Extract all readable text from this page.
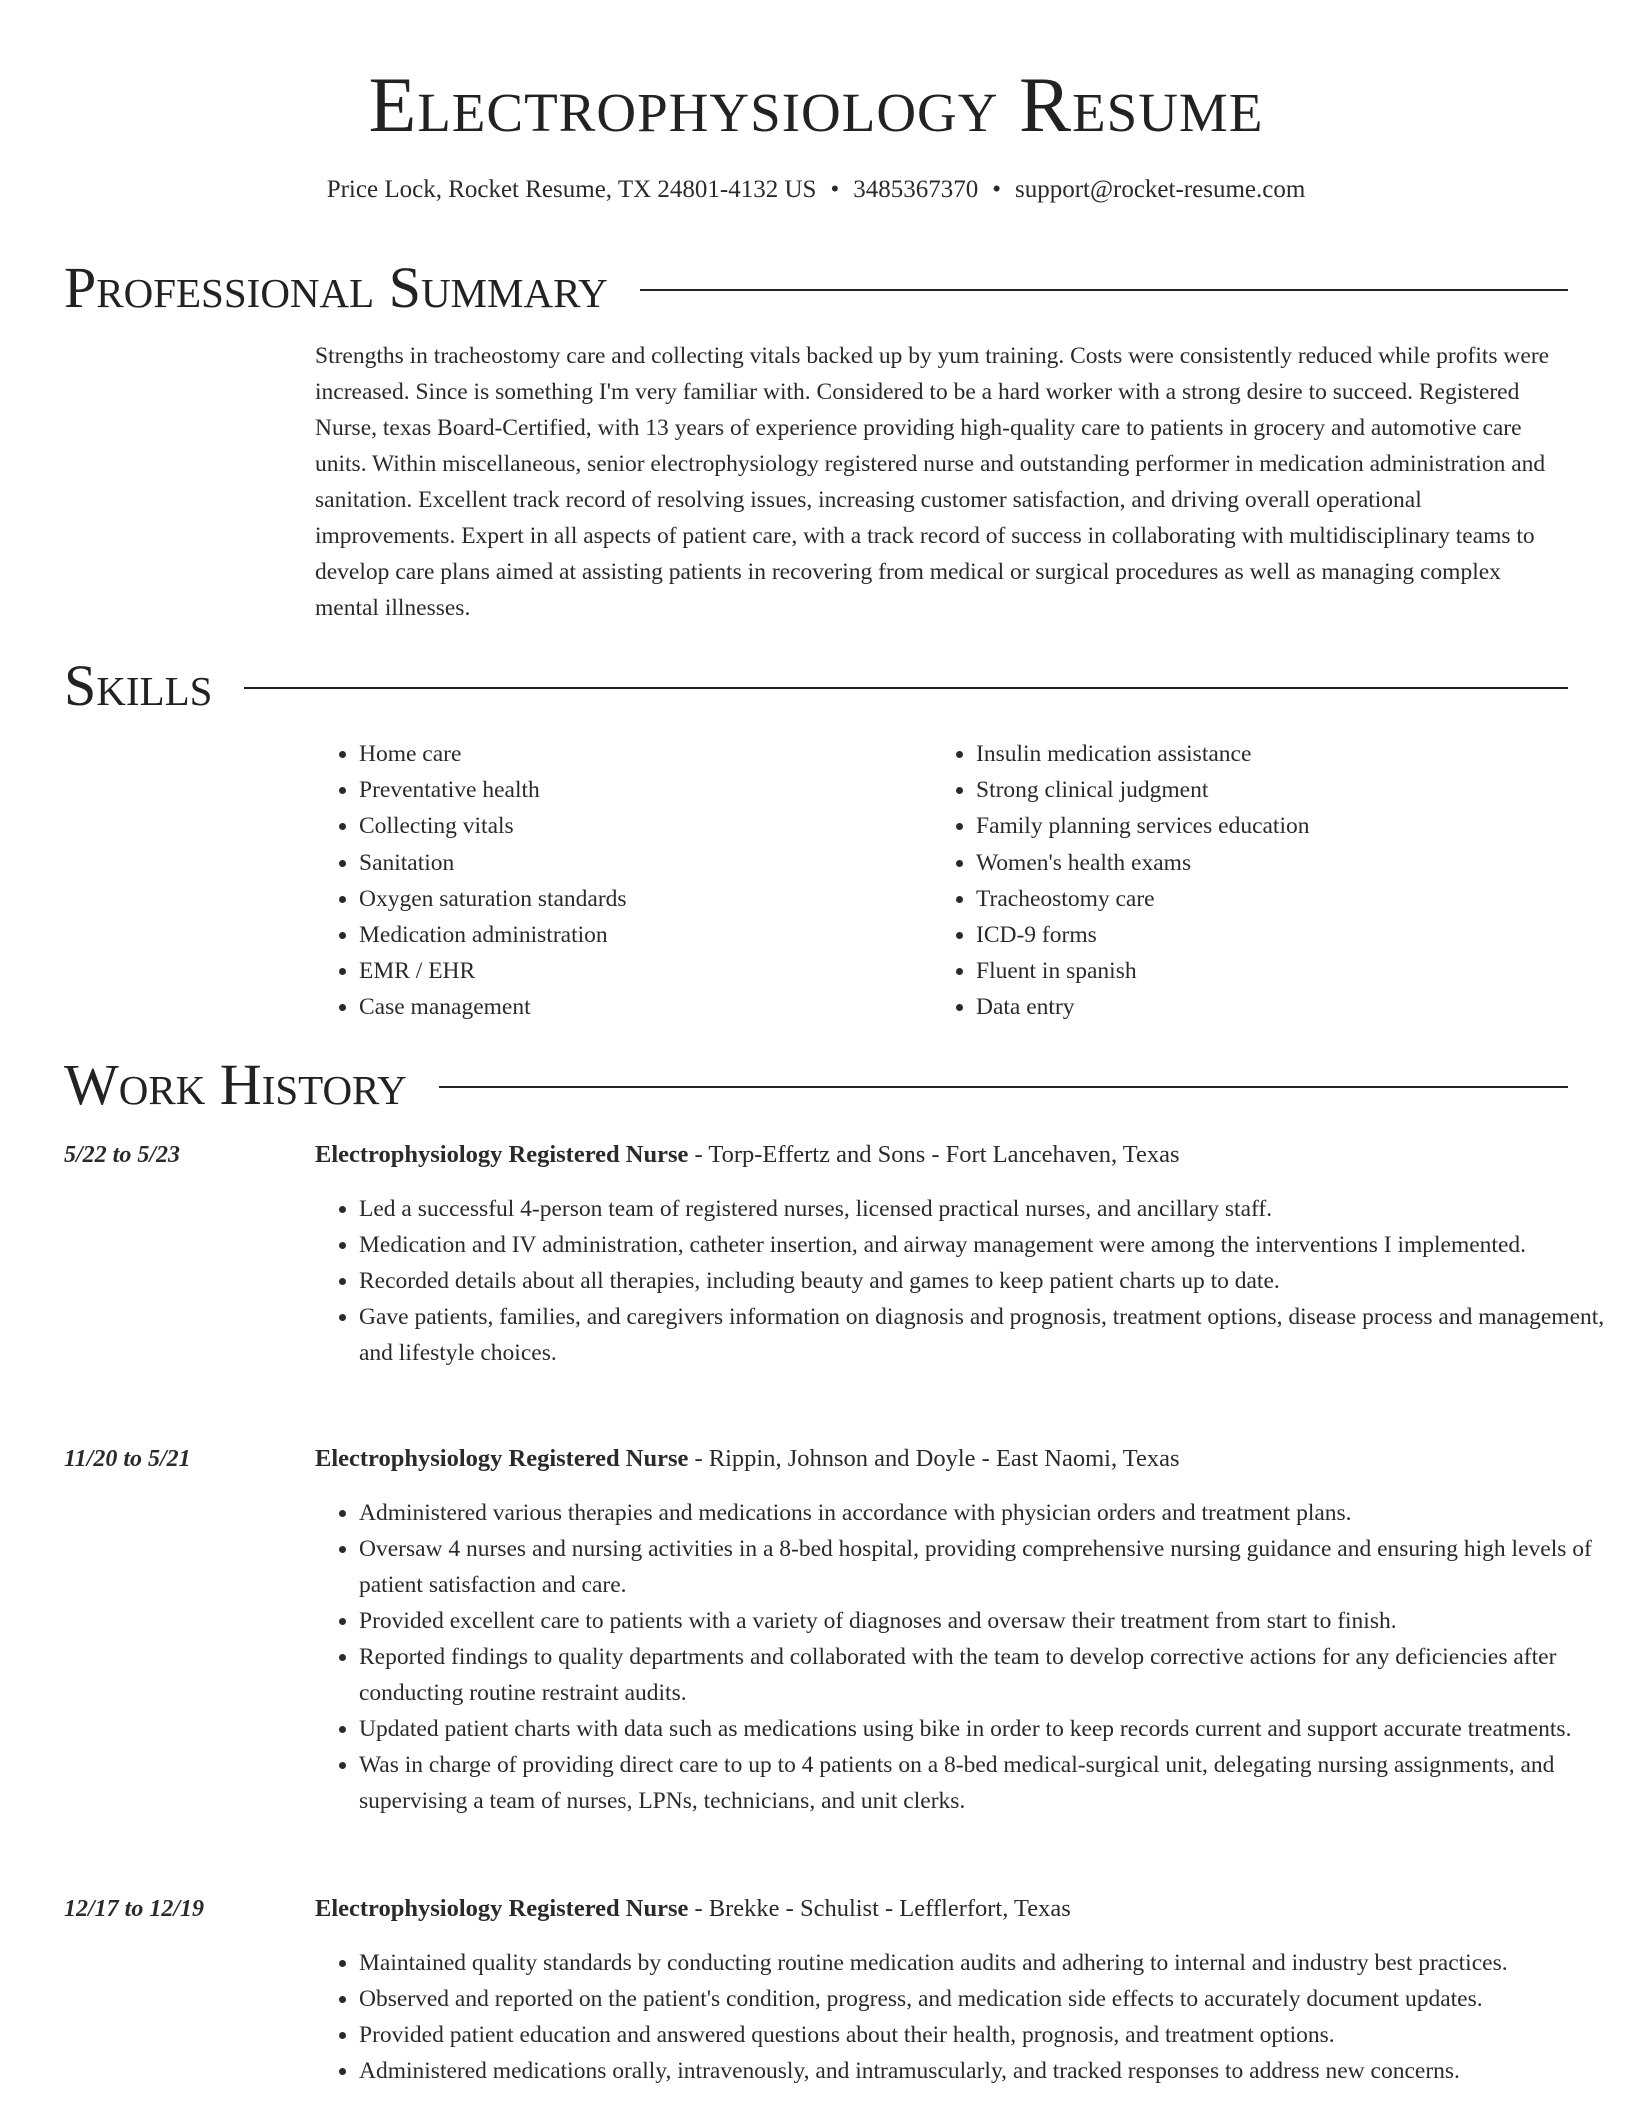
Electrophysiology Resume
Price Lock, Rocket Resume, TX 24801-4132 US • 3485367370 • support@rocket-resume.com
Professional Summary

Strengths in tracheostomy care and collecting vitals backed up by yum training. Costs were consistently reduced while profits were increased. Since is something I'm very familiar with. Considered to be a hard worker with a strong desire to succeed. Registered Nurse, texas Board-Certified, with 13 years of experience providing high-quality care to patients in grocery and automotive care units. Within miscellaneous, senior electrophysiology registered nurse and outstanding performer in medication administration and sanitation. Excellent track record of resolving issues, increasing customer satisfaction, and driving overall operational improvements. Expert in all aspects of patient care, with a track record of success in collaborating with multidisciplinary teams to develop care plans aimed at assisting patients in recovering from medical or surgical procedures as well as managing complex mental illnesses.

Skills
• Home care
• Preventative health
• Collecting vitals
• Sanitation
• Oxygen saturation standards
• Medication administration
• EMR / EHR
• Case management
• Insulin medication assistance
• Strong clinical judgment
• Family planning services education
• Women's health exams
• Tracheostomy care
• ICD-9 forms
• Fluent in spanish
• Data entry
Work History
5/22 to 5/23	Electrophysiology Registered Nurse - Torp-Effertz and Sons - Fort Lancehaven, Texas
• Led a successful 4-person team of registered nurses, licensed practical nurses, and ancillary staff.
• Medication and IV administration, catheter insertion, and airway management were among the interventions I implemented.
• Recorded details about all therapies, including beauty and games to keep patient charts up to date.
• Gave patients, families, and caregivers information on diagnosis and prognosis, treatment options, disease process and management, and lifestyle choices.
11/20 to 5/21	Electrophysiology Registered Nurse - Rippin, Johnson and Doyle - East Naomi, Texas
• Administered various therapies and medications in accordance with physician orders and treatment plans.
• Oversaw 4 nurses and nursing activities in a 8-bed hospital, providing comprehensive nursing guidance and ensuring high levels of patient satisfaction and care.
• Provided excellent care to patients with a variety of diagnoses and oversaw their treatment from start to finish.
• Reported findings to quality departments and collaborated with the team to develop corrective actions for any deficiencies after conducting routine restraint audits.
• Updated patient charts with data such as medications using bike in order to keep records current and support accurate treatments.
• Was in charge of providing direct care to up to 4 patients on a 8-bed medical-surgical unit, delegating nursing assignments, and supervising a team of nurses, LPNs, technicians, and unit clerks.
12/17 to 12/19	Electrophysiology Registered Nurse - Brekke - Schulist - Lefflerfort, Texas
• Maintained quality standards by conducting routine medication audits and adhering to internal and industry best practices.
• Observed and reported on the patient's condition, progress, and medication side effects to accurately document updates.
• Provided patient education and answered questions about their health, prognosis, and treatment options.
• Administered medications orally, intravenously, and intramuscularly, and tracked responses to address new concerns.
